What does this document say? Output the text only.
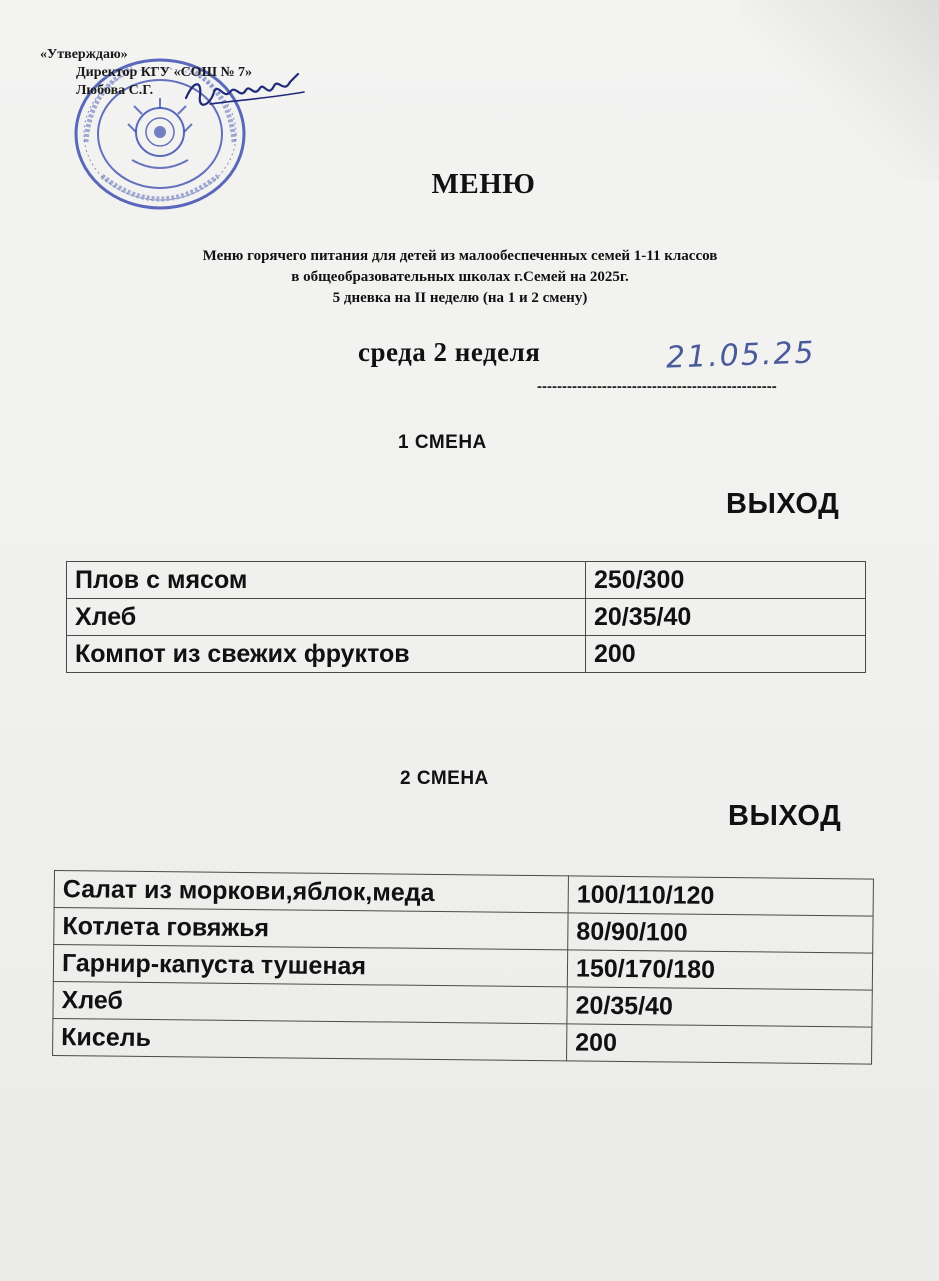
«Утверждаю»
Директор КГУ «СОШ № 7»
Любова С.Г.
МЕНЮ
Меню горячего питания для детей из малообеспеченных семей 1-11 классов
в общеобразовательных школах г.Семей на 2025г.
5 дневка на II неделю (на 1 и 2 смену)
среда 2 неделя	21.05.25
------------------------------------------------
1 СМЕНА
ВЫХОД
Плов с мясом	250/300
Хлеб	20/35/40
Компот из свежих фруктов	200
2 СМЕНА
ВЫХОД
Салат из моркови,яблок,меда	100/110/120
Котлета говяжья	80/90/100
Гарнир-капуста тушеная	150/170/180
Хлеб	20/35/40
Кисель	200
